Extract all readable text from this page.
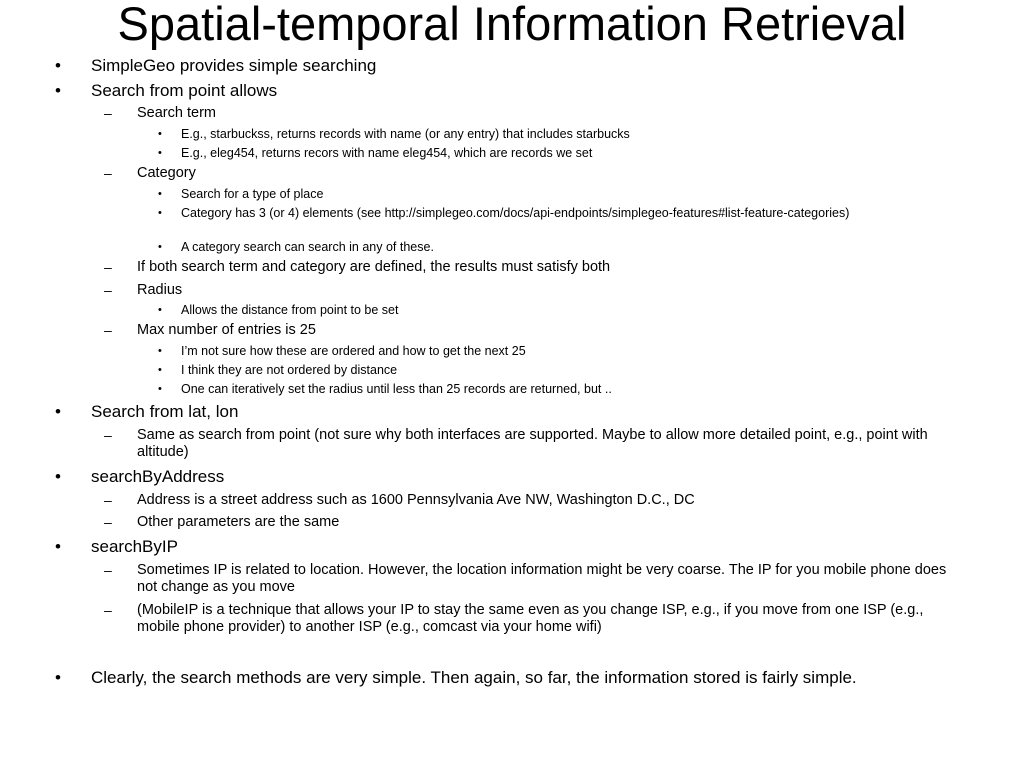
Spatial-temporal Information Retrieval
• SimpleGeo provides simple searching
• Search from point allows
– Search term
• E.g., starbuckss, returns records with name (or any entry) that includes starbucks
• E.g., eleg454, returns recors with name eleg454, which are records we set
– Category
• Search for a type of place
• Category has 3 (or 4) elements (see http://simplegeo.com/docs/api-endpoints/simplegeo-features#list-feature-categories)
• A category search can search in any of these.
– If both search term and category are defined, the results must satisfy both
– Radius
• Allows the distance from point to be set
– Max number of entries is 25
• I’m not sure how these are ordered and how to get the next 25
• I think they are not ordered by distance
• One can iteratively set the radius until less than 25 records are returned, but ..
• Search from lat, lon
– Same as search from point (not sure why both interfaces are supported. Maybe to allow more detailed point, e.g., point with altitude)
• searchByAddress
– Address is a street address such as 1600 Pennsylvania Ave NW, Washington D.C., DC
– Other parameters are the same
• searchByIP
– Sometimes IP is related to location. However, the location information might be very coarse. The IP for you mobile phone does not change as you move
– (MobileIP is a technique that allows your IP to stay the same even as you change ISP, e.g., if you move from one ISP (e.g., mobile phone provider) to another ISP (e.g., comcast via your home wifi)
• Clearly, the search methods are very simple. Then again, so far, the information stored is fairly simple.
